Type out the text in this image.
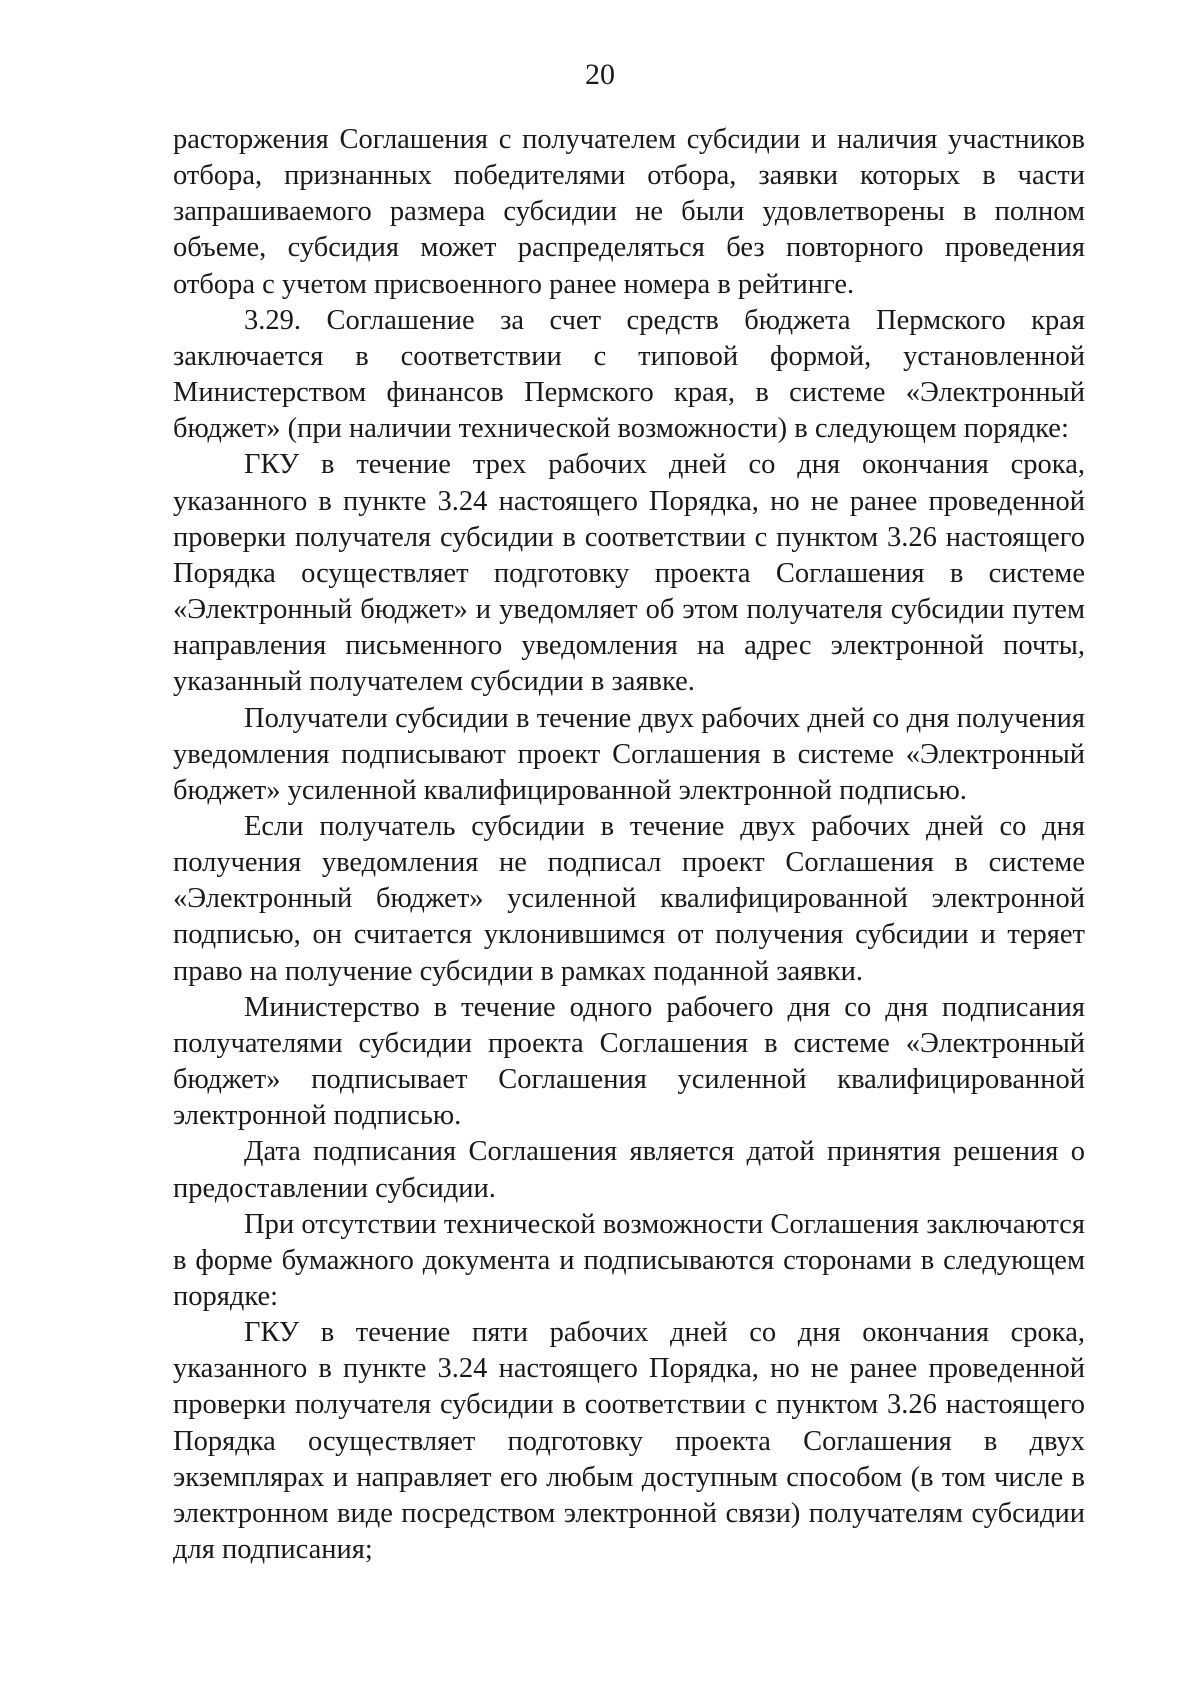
20

расторжения Соглашения с получателем субсидии и наличия участников отбора, признанных победителями отбора, заявки которых в части запрашиваемого размера субсидии не были удовлетворены в полном объеме, субсидия может распределяться без повторного проведения отбора с учетом присвоенного ранее номера в рейтинге.

3.29. Соглашение за счет средств бюджета Пермского края заключается в соответствии с типовой формой, установленной Министерством финансов Пермского края, в системе «Электронный бюджет» (при наличии технической возможности) в следующем порядке:

ГКУ в течение трех рабочих дней со дня окончания срока, указанного в пункте 3.24 настоящего Порядка, но не ранее проведенной проверки получателя субсидии в соответствии с пунктом 3.26 настоящего Порядка осуществляет подготовку проекта Соглашения в системе «Электронный бюджет» и уведомляет об этом получателя субсидии путем направления письменного уведомления на адрес электронной почты, указанный получателем субсидии в заявке.

Получатели субсидии в течение двух рабочих дней со дня получения уведомления подписывают проект Соглашения в системе «Электронный бюджет» усиленной квалифицированной электронной подписью.

Если получатель субсидии в течение двух рабочих дней со дня получения уведомления не подписал проект Соглашения в системе «Электронный бюджет» усиленной квалифицированной электронной подписью, он считается уклонившимся от получения субсидии и теряет право на получение субсидии в рамках поданной заявки.

Министерство в течение одного рабочего дня со дня подписания получателями субсидии проекта Соглашения в системе «Электронный бюджет» подписывает Соглашения усиленной квалифицированной электронной подписью.

Дата подписания Соглашения является датой принятия решения о предоставлении субсидии.

При отсутствии технической возможности Соглашения заключаются в форме бумажного документа и подписываются сторонами в следующем порядке:

ГКУ в течение пяти рабочих дней со дня окончания срока, указанного в пункте 3.24 настоящего Порядка, но не ранее проведенной проверки получателя субсидии в соответствии с пунктом 3.26 настоящего Порядка осуществляет подготовку проекта Соглашения в двух экземплярах и направляет его любым доступным способом (в том числе в электронном виде посредством электронной связи) получателям субсидии для подписания;
